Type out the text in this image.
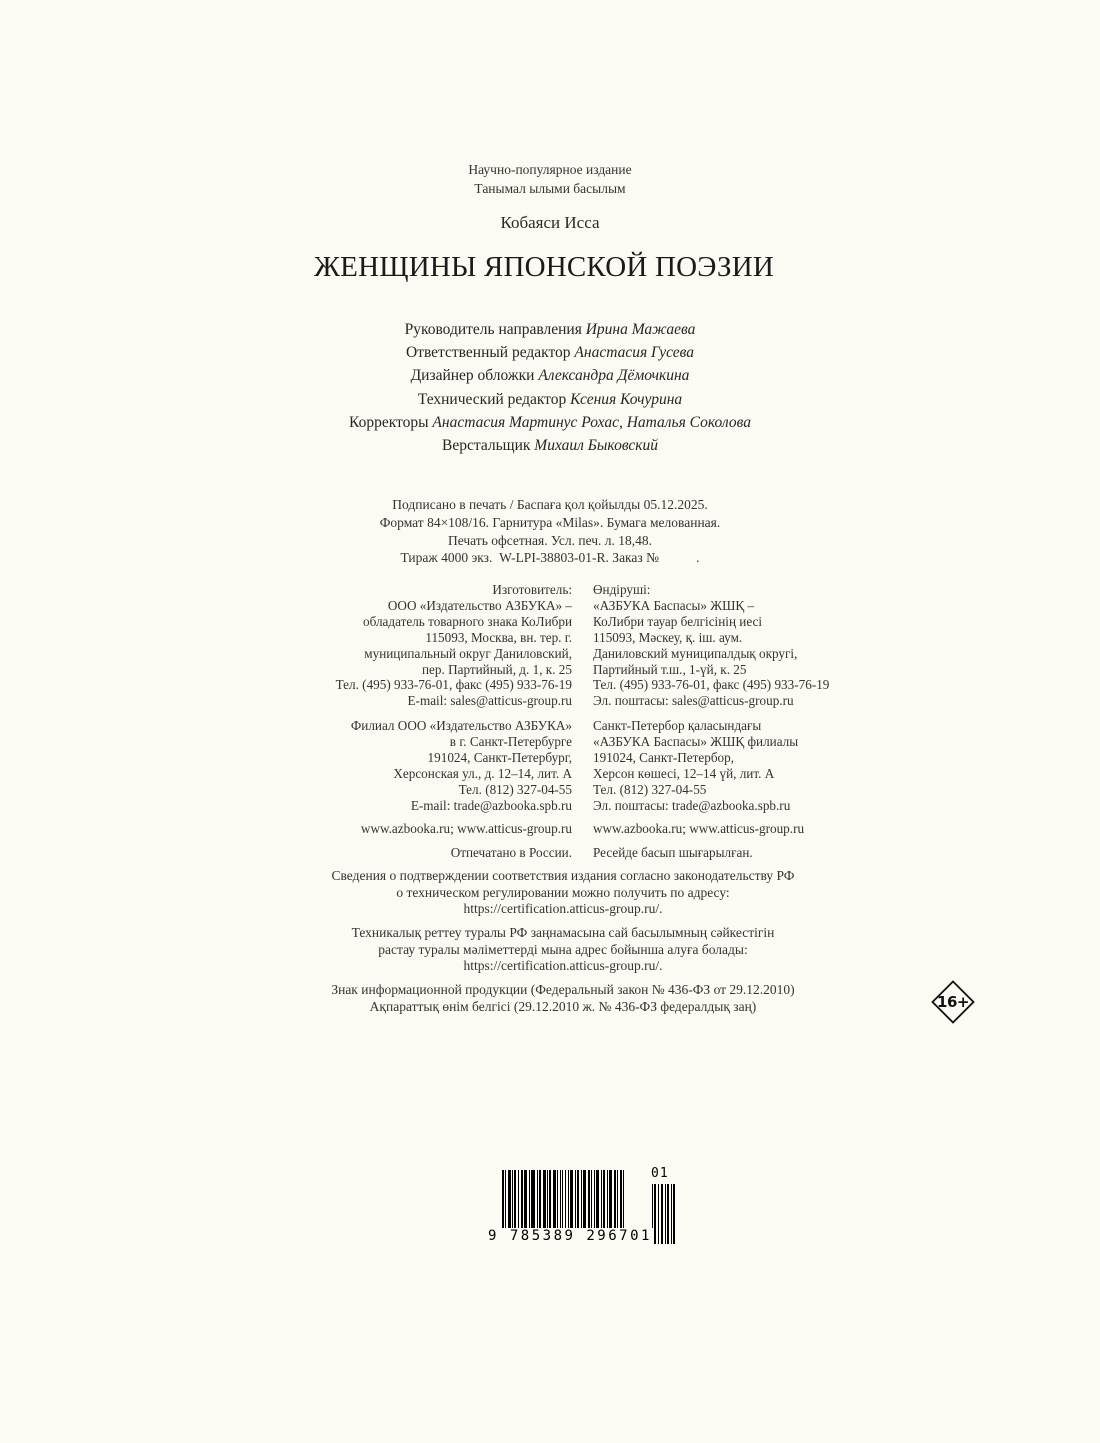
Научно-популярное издание
Танымал ылыми басылым
Кобаяси Исса
ЖЕНЩИНЫ ЯПОНСКОЙ ПОЭЗИИ
Руководитель направления Ирина Мажаева
Ответственный редактор Анастасия Гусева
Дизайнер обложки Александра Дёмочкина
Технический редактор Ксения Кочурина
Корректоры Анастасия Мартинус Рохас, Наталья Соколова
Верстальщик Михаил Быковский
Подписано в печать / Баспаға қол қойылды 05.12.2025.
Формат 84×108/16. Гарнитура «Milas». Бумага мелованная.
Печать офсетная. Усл. печ. л. 18,48.
Тираж 4000 экз.  W-LPI-38803-01-R. Заказ №           .
Изготовитель:
ООО «Издательство АЗБУКА» –
обладатель товарного знака КоЛибри
115093, Москва, вн. тер. г.
муниципальный округ Даниловский,
пер. Партийный, д. 1, к. 25
Тел. (495) 933-76-01, факс (495) 933-76-19
E-mail: sales@atticus-group.ru
Өндіруші:
«АЗБУКА Баспасы» ЖШҚ –
КоЛибри тауар белгісінің иесі
115093, Мәскеу, қ. іш. аум.
Даниловский муниципалдық округі,
Партийный т.ш., 1-үй, к. 25
Тел. (495) 933-76-01, факс (495) 933-76-19
Эл. поштасы: sales@atticus-group.ru
Филиал ООО «Издательство АЗБУКА»
в г. Санкт-Петербурге
191024, Санкт-Петербург,
Херсонская ул., д. 12–14, лит. А
Тел. (812) 327-04-55
E-mail: trade@azbooka.spb.ru
Санкт-Петербор қаласындағы
«АЗБУКА Баспасы» ЖШҚ филиалы
191024, Санкт-Петербор,
Херсон көшесі, 12–14 үй, лит. А
Тел. (812) 327-04-55
Эл. поштасы: trade@azbooka.spb.ru
www.azbooka.ru; www.atticus-group.ru www.azbooka.ru; www.atticus-group.ru
Отпечатано в России. Ресейде басып шығарылған.
Сведения о подтверждении соответствия издания согласно законодательству РФ
о техническом регулировании можно получить по адресу:
https://certification.atticus-group.ru/.
Техникалық реттеу туралы РФ заңнамасына сай басылымның сәйкестігін
растау туралы мәліметтерді мына адрес бойынша алуға болады:
https://certification.atticus-group.ru/.
Знак информационной продукции (Федеральный закон № 436-ФЗ от 29.12.2010)
Ақпараттық өнім белгісі (29.12.2010 ж. № 436-ФЗ федералдық заң)	16+
9 785389 296701
01
